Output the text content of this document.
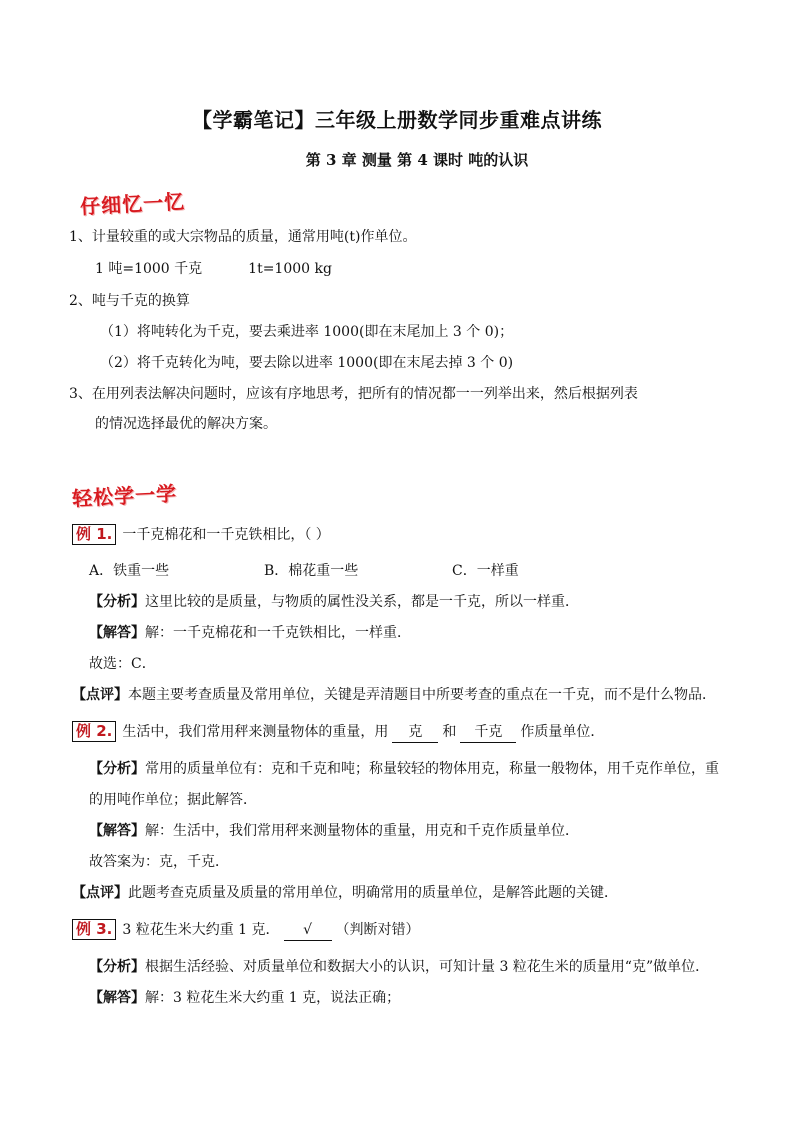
【学霸笔记】三年级上册数学同步重难点讲练
第 3 章 测量 第 4 课时 吨的认识
仔细忆一忆
1、计量较重的或大宗物品的质量，通常用吨(t)作单位。
1 吨=1000 千克	1t=1000 kg
2、吨与千克的换算
（1）将吨转化为千克，要去乘进率 1000(即在末尾加上 3 个 0)；
（2）将千克转化为吨，要去除以进率 1000(即在末尾去掉 3 个 0)
3、在用列表法解决问题时，应该有序地思考，把所有的情况都一一列举出来，然后根据列表
的情况选择最优的解决方案。
轻松学一学
例 1. 一千克棉花和一千克铁相比，（ ）
A．铁重一些	B．棉花重一些	C．一样重
【分析】这里比较的是质量，与物质的属性没关系，都是一千克，所以一样重．
【解答】解：一千克棉花和一千克铁相比，一样重．
故选：C．
【点评】本题主要考查质量及常用单位，关键是弄清题目中所要考查的重点在一千克，而不是什么物品．
例 2. 生活中，我们常用秤来测量物体的重量，用 克 和 千克 作质量单位．
【分析】常用的质量单位有：克和千克和吨；称量较轻的物体用克，称量一般物体，用千克作单位，重
的用吨作单位；据此解答．
【解答】解：生活中，我们常用秤来测量物体的重量，用克和千克作质量单位．
故答案为：克，千克．
【点评】此题考查克质量及质量的常用单位，明确常用的质量单位，是解答此题的关键．
例 3. 3 粒花生米大约重 1 克． √ （判断对错）
【分析】根据生活经验、对质量单位和数据大小的认识，可知计量 3 粒花生米的质量用“克”做单位．
【解答】解：3 粒花生米大约重 1 克，说法正确；
